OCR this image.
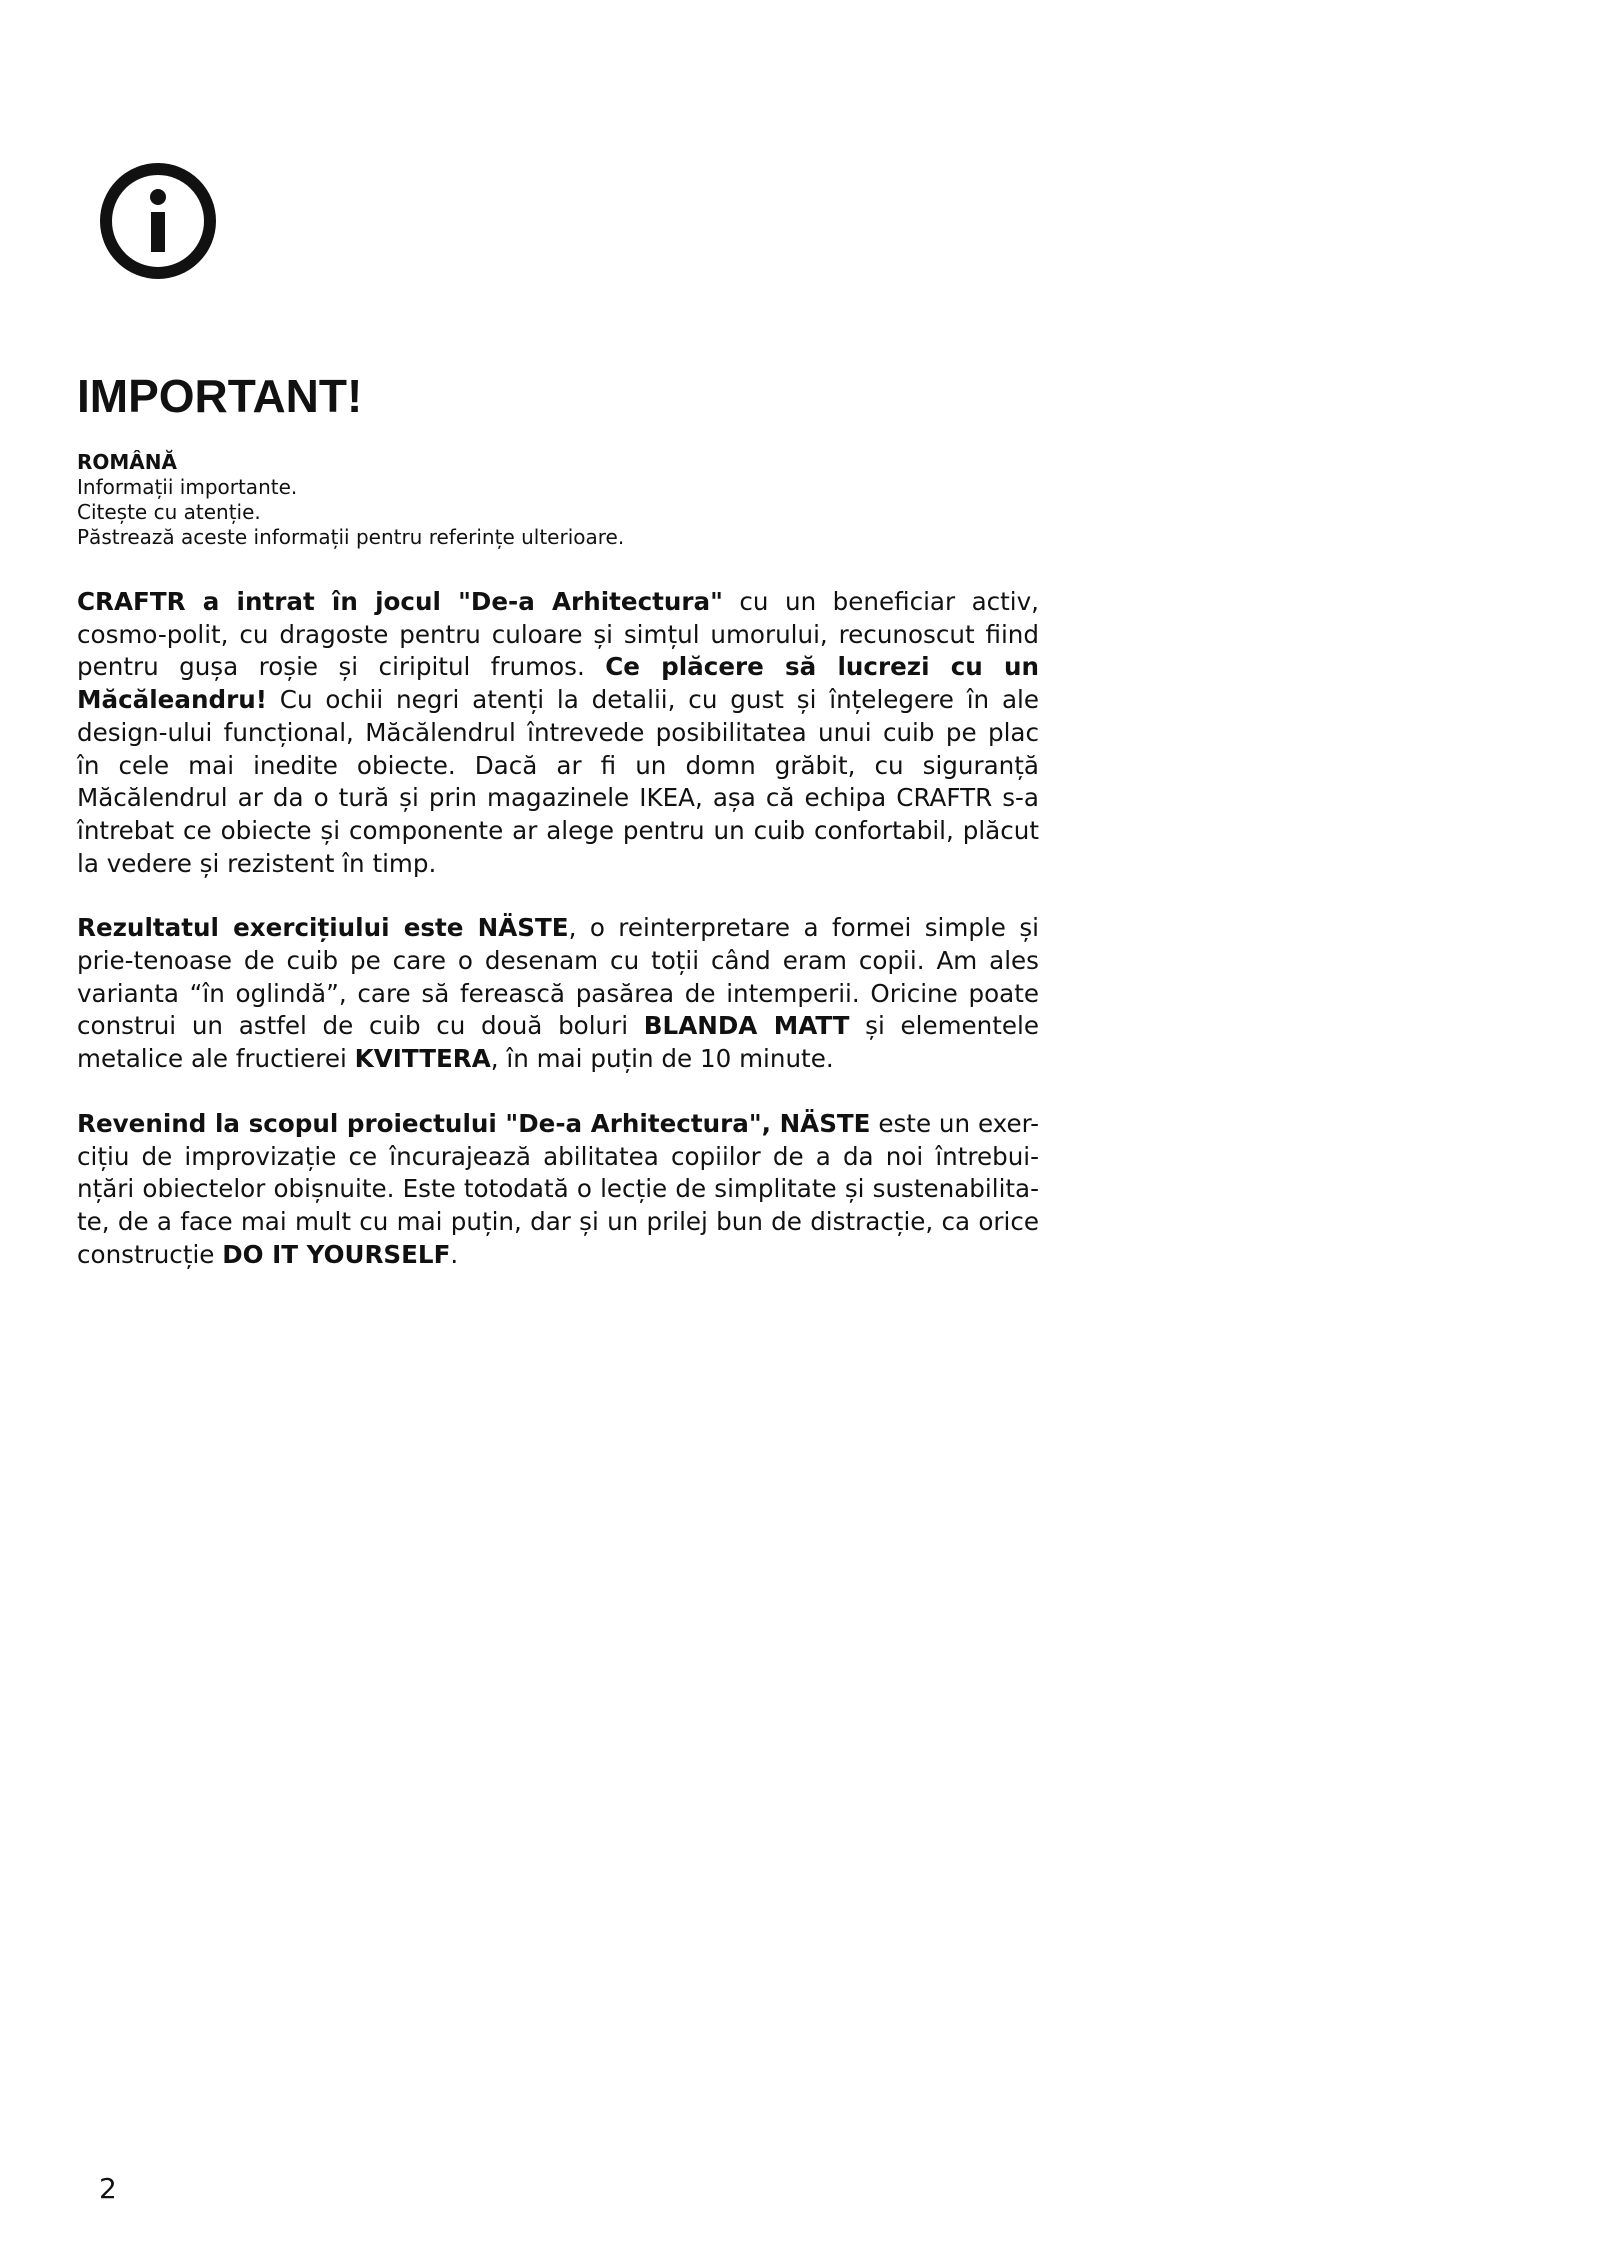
IMPORTANT!
ROMÂNĂ
Informații importante.
Citește cu atenție.
Păstrează aceste informații pentru referințe ulterioare.

CRAFTR a intrat în jocul "De-a Arhitectura" cu un beneficiar activ, cosmo-polit, cu dragoste pentru culoare și simțul umorului, recunoscut fiind pentru gușa roșie și ciripitul frumos. Ce plăcere să lucrezi cu un Măcăleandru! Cu ochii negri atenți la detalii, cu gust și înțelegere în ale design-ului funcțional, Măcălendrul întrevede posibilitatea unui cuib pe plac în cele mai inedite obiecte. Dacă ar fi un domn grăbit, cu siguranță Măcălendrul ar da o tură și prin magazinele IKEA, așa că echipa CRAFTR s-a întrebat ce obiecte și componente ar alege pentru un cuib confortabil, plăcut la vedere și rezistent în timp.

Rezultatul exercițiului este NÄSTE, o reinterpretare a formei simple și prie-tenoase de cuib pe care o desenam cu toții când eram copii. Am ales varianta “în oglindă”, care să ferească pasărea de intemperii. Oricine poate construi un astfel de cuib cu două boluri BLANDA MATT și elementele metalice ale fructierei KVITTERA, în mai puțin de 10 minute.

Revenind la scopul proiectului "De-a Arhitectura", NÄSTE este un exer-cițiu de improvizație ce încurajează abilitatea copiilor de a da noi întrebui-nțări obiectelor obișnuite. Este totodată o lecție de simplitate și sustenabilita-te, de a face mai mult cu mai puțin, dar și un prilej bun de distracție, ca orice construcție DO IT YOURSELF.

2
